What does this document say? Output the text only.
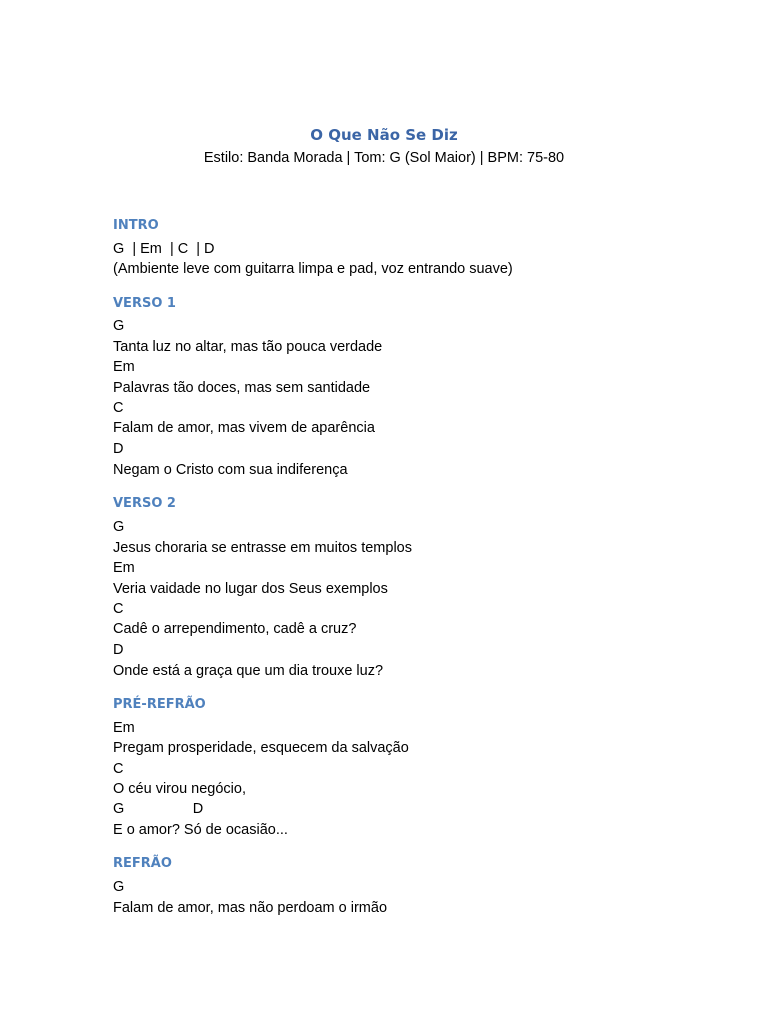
O Que Não Se Diz
Estilo: Banda Morada | Tom: G (Sol Maior) | BPM: 75-80
INTRO
G  | Em  | C  | D
(Ambiente leve com guitarra limpa e pad, voz entrando suave)
VERSO 1
G
Tanta luz no altar, mas tão pouca verdade
Em
Palavras tão doces, mas sem santidade
C
Falam de amor, mas vivem de aparência
D
Negam o Cristo com sua indiferença
VERSO 2
G
Jesus choraria se entrasse em muitos templos
Em
Veria vaidade no lugar dos Seus exemplos
C
Cadê o arrependimento, cadê a cruz?
D
Onde está a graça que um dia trouxe luz?
PRÉ-REFRÃO
Em
Pregam prosperidade, esquecem da salvação
C
O céu virou negócio,
G                 D
E o amor? Só de ocasião...
REFRÃO
G
Falam de amor, mas não perdoam o irmão
